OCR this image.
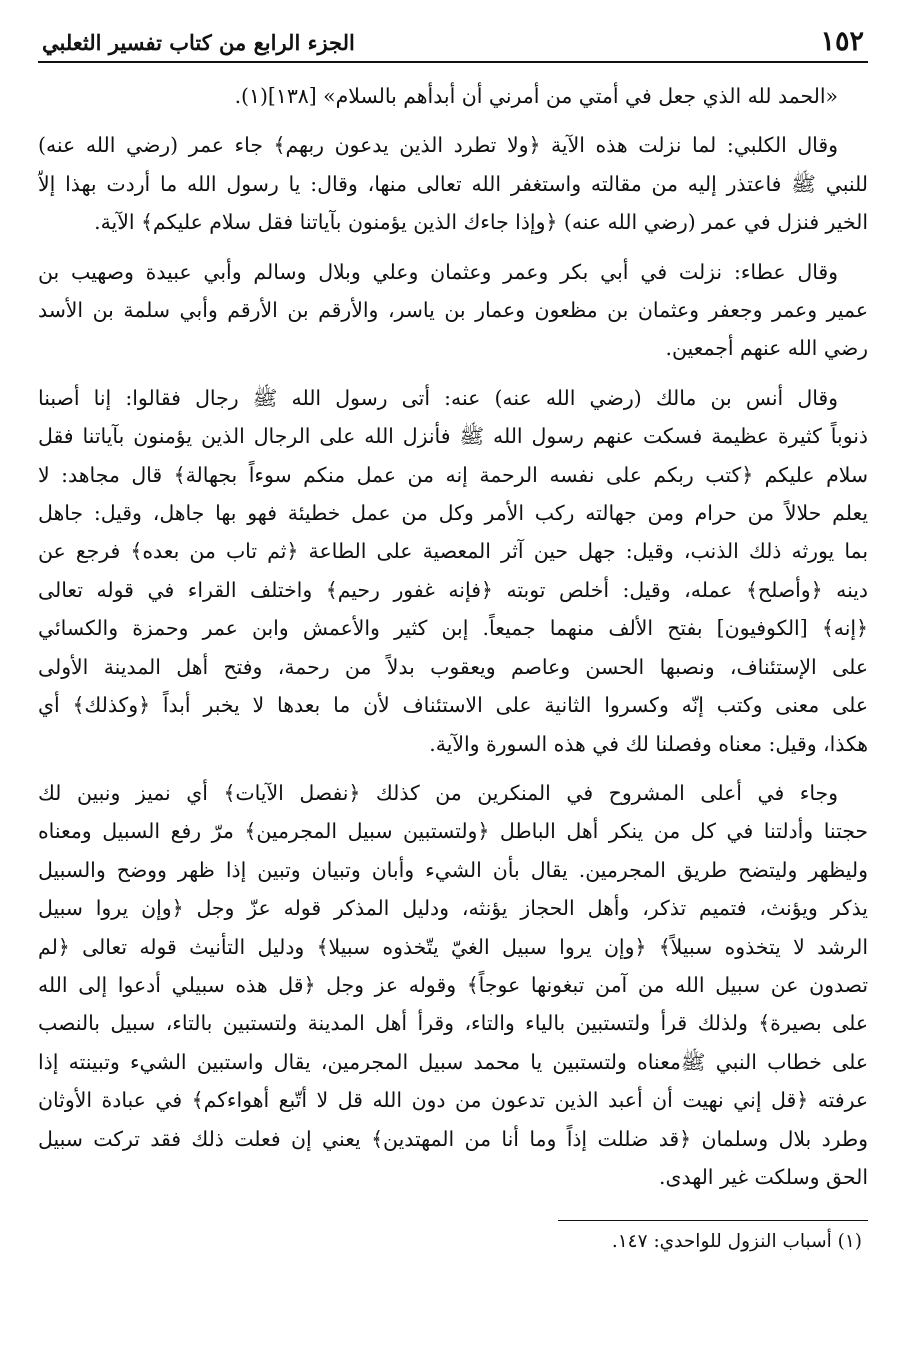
١٥٢
الجزء الرابع من كتاب تفسير الثعلبي

«الحمد لله الذي جعل في أمتي من أمرني أن أبدأهم بالسلام» [١٣٨](١).

وقال الكلبي: لما نزلت هذه الآية ﴿ولا تطرد الذين يدعون ربهم﴾ جاء عمر (رضي الله عنه)
للنبي ﷺ فاعتذر إليه من مقالته واستغفر الله تعالى منها، وقال: يا رسول الله ما أردت بهذا إلاّ
الخير فنزل في عمر (رضي الله عنه) ﴿وإذا جاءك الذين يؤمنون بآياتنا فقل سلام عليكم﴾ الآية.

وقال عطاء: نزلت في أبي بكر وعمر وعثمان وعلي وبلال وسالم وأبي عبيدة وصهيب بن
عمير وعمر وجعفر وعثمان بن مظعون وعمار بن ياسر، والأرقم بن الأرقم وأبي سلمة بن الأسد
رضي الله عنهم أجمعين.

وقال أنس بن مالك (رضي الله عنه) عنه: أتى رسول الله ﷺ رجال فقالوا: إنا أصبنا
ذنوباً كثيرة عظيمة فسكت عنهم رسول الله ﷺ فأنزل الله على الرجال الذين يؤمنون بآياتنا فقل
سلام عليكم ﴿كتب ربكم على نفسه الرحمة إنه من عمل منكم سوءاً بجهالة﴾ قال مجاهد: لا
يعلم حلالاً من حرام ومن جهالته ركب الأمر وكل من عمل خطيئة فهو بها جاهل، وقيل: جاهل
بما يورثه ذلك الذنب، وقيل: جهل حين آثر المعصية على الطاعة ﴿ثم تاب من بعده﴾ فرجع عن
دينه ﴿وأصلح﴾ عمله، وقيل: أخلص توبته ﴿فإنه غفور رحيم﴾ واختلف القراء في قوله تعالى
﴿إنه﴾ [الكوفيون] بفتح الألف منهما جميعاً. إبن كثير والأعمش وابن عمر وحمزة والكسائي
على الإستئناف، ونصبها الحسن وعاصم ويعقوب بدلاً من رحمة، وفتح أهل المدينة الأولى
على معنى وكتب إنّه وكسروا الثانية على الاستئناف لأن ما بعدها لا يخبر أبداً ﴿وكذلك﴾ أي
هكذا، وقيل: معناه وفصلنا لك في هذه السورة والآية.

وجاء في أعلى المشروح في المنكرين من كذلك ﴿نفصل الآيات﴾ أي نميز ونبين لك
حجتنا وأدلتنا في كل من ينكر أهل الباطل ﴿ولتستبين سبيل المجرمين﴾ مرّ رفع السبيل ومعناه
وليظهر وليتضح طريق المجرمين. يقال بأن الشيء وأبان وتبيان وتبين إذا ظهر ووضح والسبيل
يذكر ويؤنث، فتميم تذكر، وأهل الحجاز يؤنثه، ودليل المذكر قوله عزّ وجل ﴿وإن يروا سبيل
الرشد لا يتخذوه سبيلاً﴾ ﴿وإن يروا سبيل الغيّ يتّخذوه سبيلا﴾ ودليل التأنيث قوله تعالى ﴿لم
تصدون عن سبيل الله من آمن تبغونها عوجاً﴾ وقوله عز وجل ﴿قل هذه سبيلي أدعوا إلى الله
على بصيرة﴾ ولذلك قرأ ولتستبين بالياء والتاء، وقرأ أهل المدينة ولتستبين بالتاء، سبيل بالنصب
على خطاب النبي ﷺمعناه ولتستبين يا محمد سبيل المجرمين، يقال واستبين الشيء وتبينته إذا
عرفته ﴿قل إني نهيت أن أعبد الذين تدعون من دون الله قل لا أتّبع أهواءكم﴾ في عبادة الأوثان
وطرد بلال وسلمان ﴿قد ضللت إذاً وما أنا من المهتدين﴾ يعني إن فعلت ذلك فقد تركت سبيل
الحق وسلكت غير الهدى.

(١) أسباب النزول للواحدي: ١٤٧.
